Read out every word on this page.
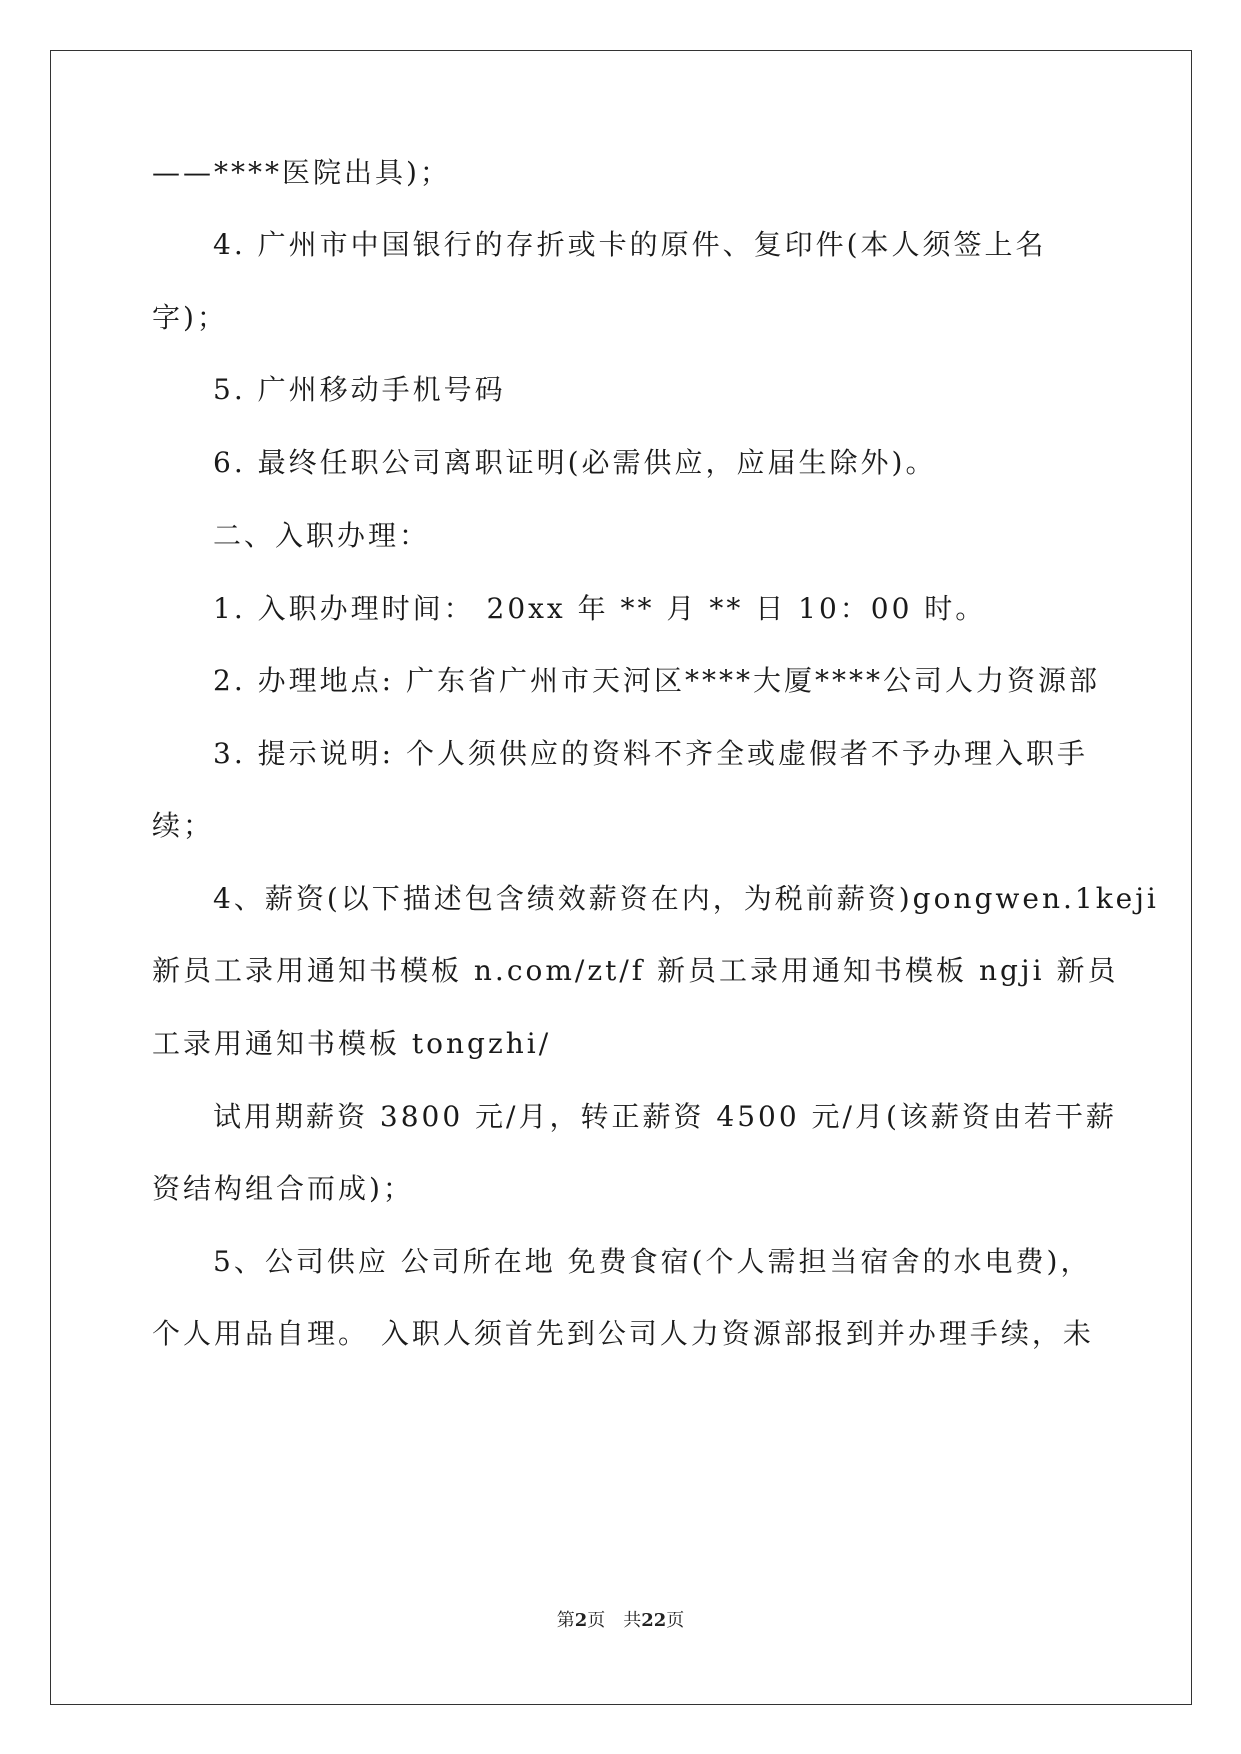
——****医院出具)；
4. 广州市中国银行的存折或卡的原件、复印件(本人须签上名
字)；
5. 广州移动手机号码
6. 最终任职公司离职证明(必需供应，应届生除外)。
二、入职办理：
1. 入职办理时间： 20xx 年 ** 月 ** 日 10：00 时。
2. 办理地点: 广东省广州市天河区****大厦****公司人力资源部
3. 提示说明: 个人须供应的资料不齐全或虚假者不予办理入职手
续；
4、薪资(以下描述包含绩效薪资在内，为税前薪资)gongwen.1keji
新员工录用通知书模板 n.com/zt/f 新员工录用通知书模板 ngji 新员
工录用通知书模板 tongzhi/
试用期薪资 3800 元/月，转正薪资 4500 元/月(该薪资由若干薪
资结构组合而成)；
5、公司供应 公司所在地 免费食宿(个人需担当宿舍的水电费)，
个人用品自理。 入职人须首先到公司人力资源部报到并办理手续，未
第2页　共22页
